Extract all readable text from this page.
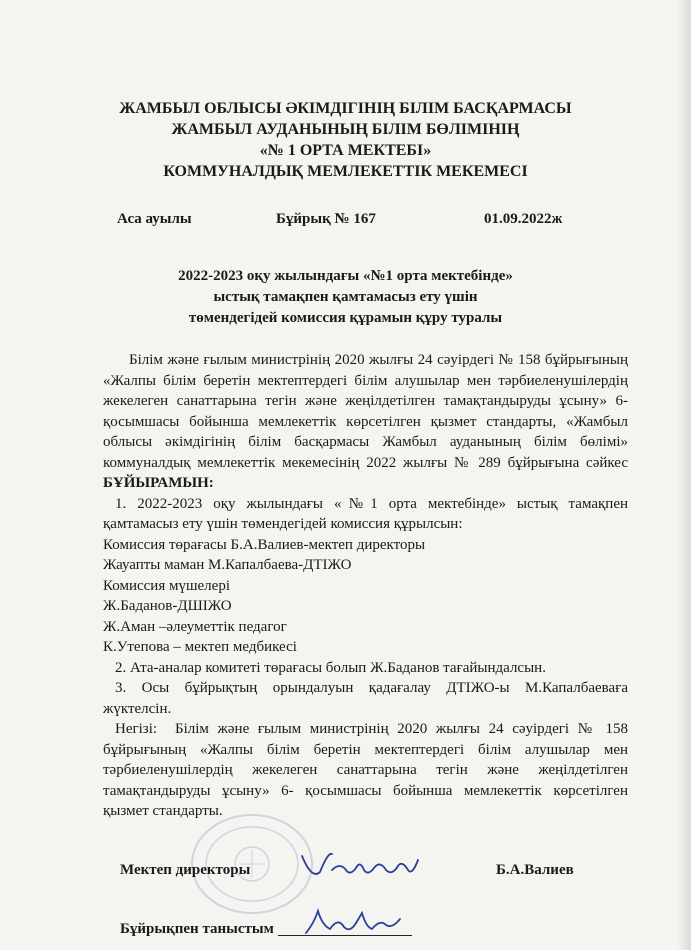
ЖАМБЫЛ ОБЛЫСЫ ӘКІМДІГІНІҢ БІЛІМ БАСҚАРМАСЫ
ЖАМБЫЛ АУДАНЫНЫҢ БІЛІМ БӨЛІМІНІҢ
«№ 1 ОРТА МЕКТЕБІ»
КОММУНАЛДЫҚ МЕМЛЕКЕТТІК МЕКЕМЕСІ
Аса ауылы	Бұйрық № 167	01.09.2022ж
2022-2023 оқу жылындағы «№1 орта мектебінде»
ыстық тамақпен қамтамасыз ету үшін
төмендегідей комиссия құрамын құру туралы
Білім және ғылым министрінің 2020 жылғы 24 сәуірдегі № 158 бұйрығының «Жалпы білім беретін мектептердегі білім алушылар мен тәрбиеленушілердің жекелеген санаттарына тегін және жеңілдетілген тамақтандыруды ұсыну» 6- қосымшасы бойынша мемлекеттік көрсетілген қызмет стандарты, «Жамбыл облысы әкімдігінің білім басқармасы Жамбыл ауданының білім бөлімі» коммуналдық мемлекеттік мекемесінің 2022 жылғы № 289 бұйрығына сәйкес БҰЙЫРАМЫН:
1. 2022-2023 оқу жылындағы «№1 орта мектебінде» ыстық тамақпен қамтамасыз ету үшін төмендегідей комиссия құрылсын:
Комиссия төрағасы Б.А.Валиев-мектеп директоры
Жауапты маман М.Капалбаева-ДТІЖО
Комиссия мүшелері
Ж.Баданов-ДШІЖО
Ж.Аман –әлеуметтік педагог
К.Утепова – мектеп медбикесі
2. Ата-аналар комитеті төрағасы болып Ж.Баданов тағайындалсын.
3. Осы бұйрықтың орындалуын қадағалау ДТІЖО-ы М.Капалбаеваға жүктелсін.
Негізі: Білім және ғылым министрінің 2020 жылғы 24 сәуірдегі № 158 бұйрығының «Жалпы білім беретін мектептердегі білім алушылар мен тәрбиеленушілердің жекелеген санаттарына тегін және жеңілдетілген тамақтандыруды ұсыну» 6- қосымшасы бойынша мемлекеттік көрсетілген қызмет стандарты.
Мектеп директоры	Б.А.Валиев
Бұйрықпен таныстым
